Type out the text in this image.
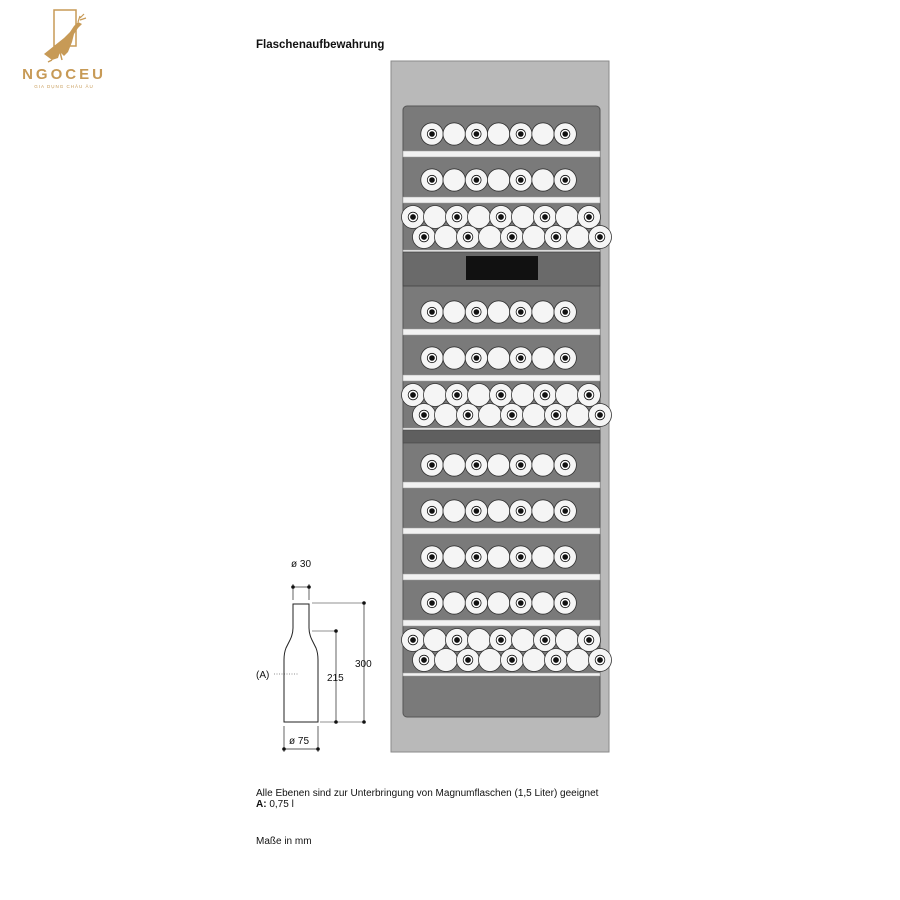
NGOCEU
GIA DỤNG CHÂU ÂU
Flaschenaufbewahrung
ø 30
ø 75
215
300
(A)
Alle Ebenen sind zur Unterbringung von Magnumflaschen (1,5 Liter) geeignet
A: 0,75 l
Maße in mm
